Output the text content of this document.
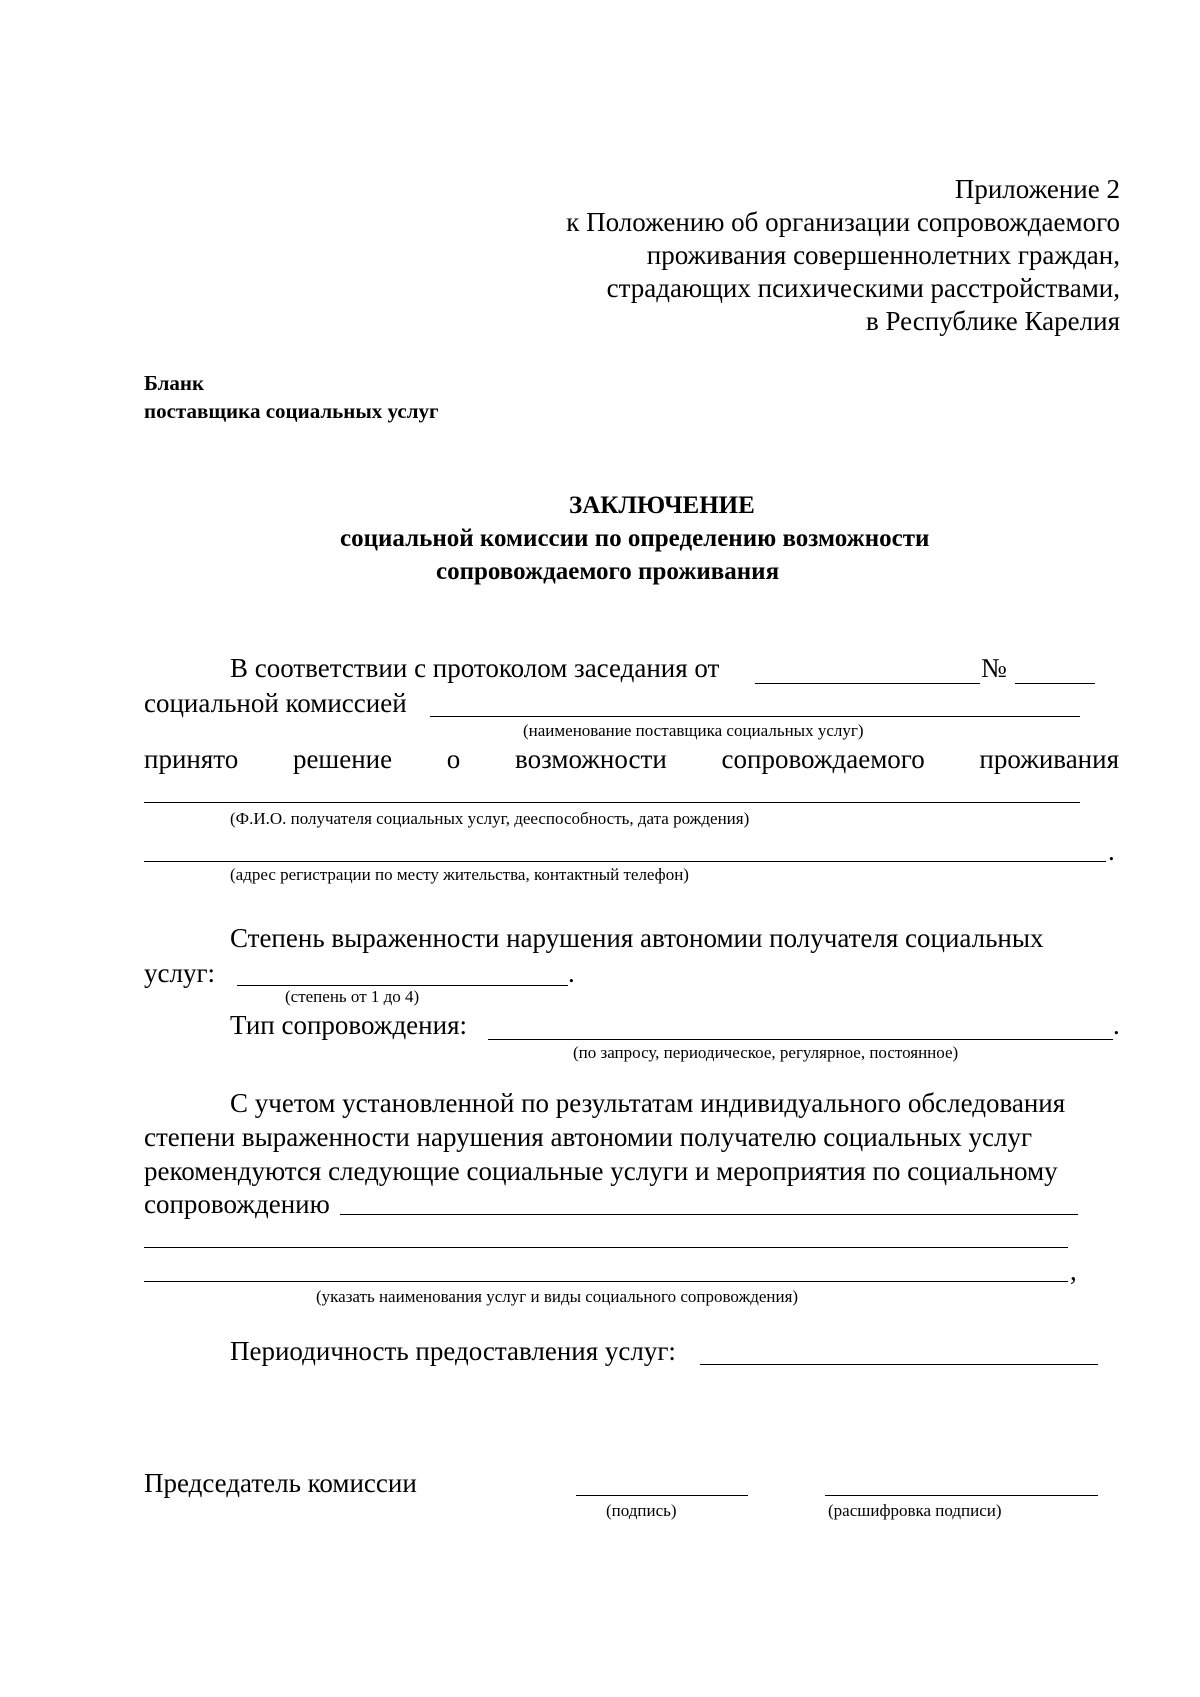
Приложение 2
к Положению об организации сопровождаемого
проживания совершеннолетних граждан,
страдающих психическими расстройствами,
в Республике Карелия
Бланк
поставщика социальных услуг
ЗАКЛЮЧЕНИЕ
социальной комиссии по определению возможности
сопровождаемого проживания
В соответствии с протоколом заседания от	№
социальной комиссией
(наименование поставщика социальных услуг)
принято решение о возможности сопровождаемого проживания
(Ф.И.О. получателя социальных услуг, дееспособность, дата рождения)
.
(адрес регистрации по месту жительства, контактный телефон)
Степень выраженности нарушения автономии получателя социальных
услуг:	.
(степень от 1 до 4)
Тип сопровождения:	.
(по запросу, периодическое, регулярное, постоянное)
С учетом установленной по результатам индивидуального обследования
степени выраженности нарушения автономии получателю социальных услуг
рекомендуются следующие социальные услуги и мероприятия по социальному
сопровождению
,
(указать наименования услуг и виды социального сопровождения)
Периодичность предоставления услуг:
Председатель комиссии
(подпись)	(расшифровка подписи)
